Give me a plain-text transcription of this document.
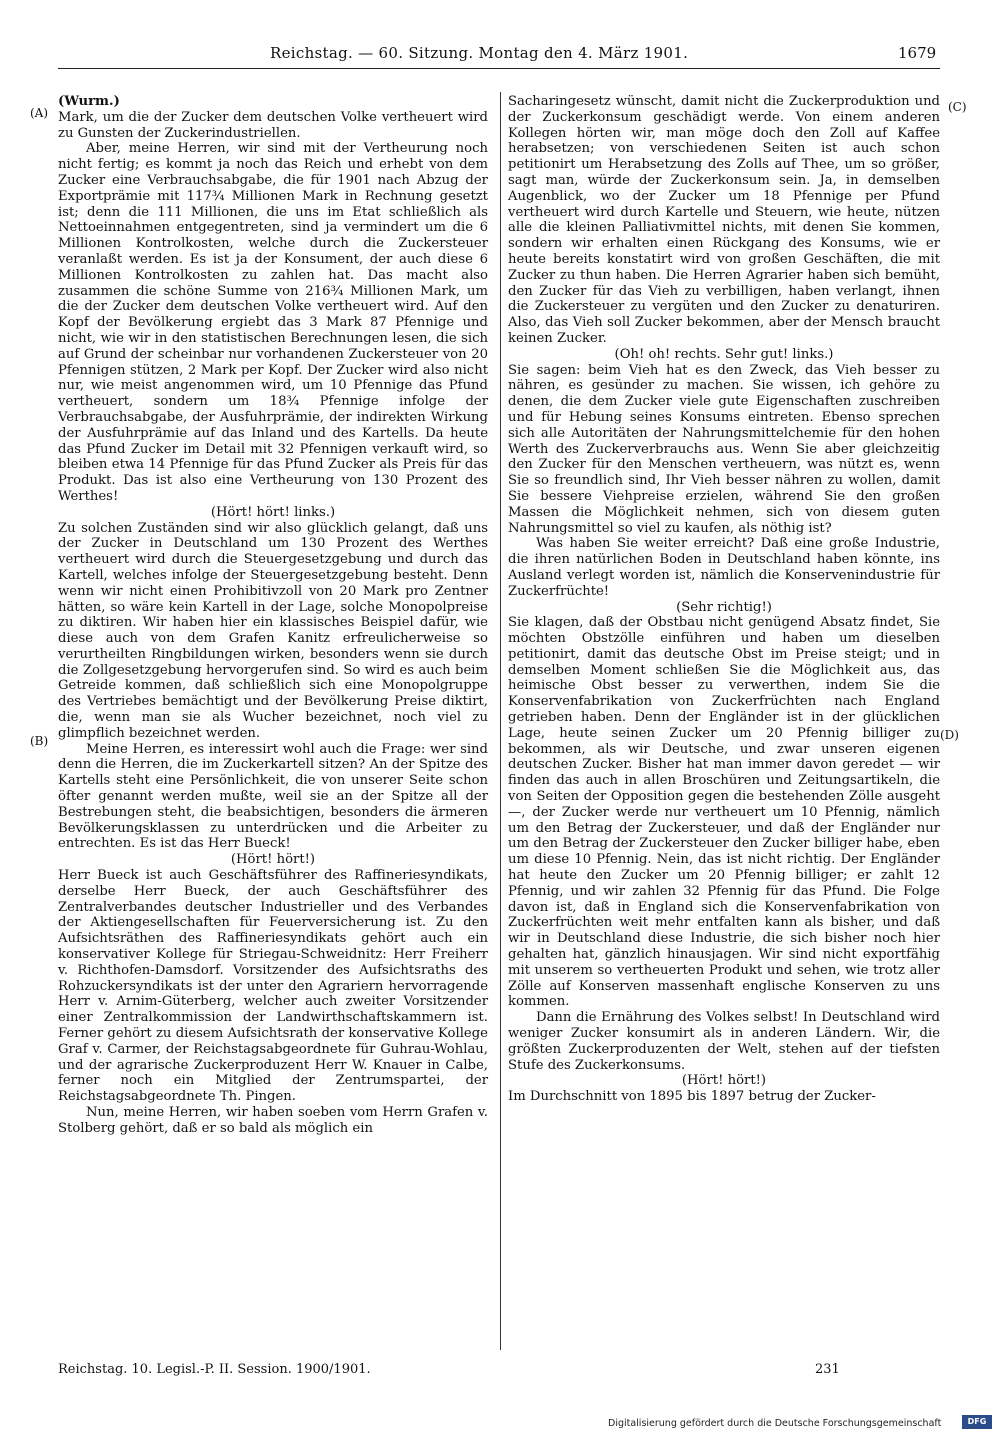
Reichstag. — 60. Sitzung. Montag den 4. März 1901.	1679
(A)
(B)
(C)
(D)

(Wurm.)

Mark, um die der Zucker dem deutschen Volke vertheuert wird zu Gunsten der Zuckerindustriellen.

Aber, meine Herren, wir sind mit der Vertheurung noch nicht fertig; es kommt ja noch das Reich und erhebt von dem Zucker eine Verbrauchsabgabe, die für 1901 nach Abzug der Exportprämie mit 117¾ Millionen Mark in Rechnung gesetzt ist; denn die 111 Millionen, die uns im Etat schließlich als Nettoeinnahmen entgegentreten, sind ja vermindert um die 6 Millionen Kontrolkosten, welche durch die Zuckersteuer veranlaßt werden. Es ist ja der Konsument, der auch diese 6 Millionen Kontrolkosten zu zahlen hat. Das macht also zusammen die schöne Summe von 216¾ Millionen Mark, um die der Zucker dem deutschen Volke vertheuert wird. Auf den Kopf der Bevölkerung ergiebt das 3 Mark 87 Pfennige und nicht, wie wir in den statistischen Berechnungen lesen, die sich auf Grund der scheinbar nur vorhandenen Zuckersteuer von 20 Pfennigen stützen, 2 Mark per Kopf. Der Zucker wird also nicht nur, wie meist angenommen wird, um 10 Pfennige das Pfund vertheuert, sondern um 18¾ Pfennige infolge der Verbrauchsabgabe, der Ausfuhrprämie, der indirekten Wirkung der Ausfuhrprämie auf das Inland und des Kartells. Da heute das Pfund Zucker im Detail mit 32 Pfennigen verkauft wird, so bleiben etwa 14 Pfennige für das Pfund Zucker als Preis für das Produkt. Das ist also eine Vertheurung von 130 Prozent des Werthes!

(Hört! hört! links.)

Zu solchen Zuständen sind wir also glücklich gelangt, daß uns der Zucker in Deutschland um 130 Prozent des Werthes vertheuert wird durch die Steuergesetzgebung und durch das Kartell, welches infolge der Steuergesetzgebung besteht. Denn wenn wir nicht einen Prohibitivzoll von 20 Mark pro Zentner hätten, so wäre kein Kartell in der Lage, solche Monopolpreise zu diktiren. Wir haben hier ein klassisches Beispiel dafür, wie diese auch von dem Grafen Kanitz erfreulicherweise so verurtheilten Ringbildungen wirken, besonders wenn sie durch die Zollgesetzgebung hervorgerufen sind. So wird es auch beim Getreide kommen, daß schließlich sich eine Monopolgruppe des Vertriebes bemächtigt und der Bevölkerung Preise diktirt, die, wenn man sie als Wucher bezeichnet, noch viel zu glimpflich bezeichnet werden.

Meine Herren, es interessirt wohl auch die Frage: wer sind denn die Herren, die im Zuckerkartell sitzen? An der Spitze des Kartells steht eine Persönlichkeit, die von unserer Seite schon öfter genannt werden mußte, weil sie an der Spitze all der Bestrebungen steht, die beabsichtigen, besonders die ärmeren Bevölkerungsklassen zu unterdrücken und die Arbeiter zu entrechten. Es ist das Herr Bueck!

(Hört! hört!)

Herr Bueck ist auch Geschäftsführer des Raffineriesyndikats, derselbe Herr Bueck, der auch Geschäftsführer des Zentralverbandes deutscher Industrieller und des Verbandes der Aktiengesellschaften für Feuerversicherung ist. Zu den Aufsichtsräthen des Raffineriesyndikats gehört auch ein konservativer Kollege für Striegau-Schweidnitz: Herr Freiherr v. Richthofen-Damsdorf. Vorsitzender des Aufsichtsraths des Rohzuckersyndikats ist der unter den Agrariern hervorragende Herr v. Arnim-Güterberg, welcher auch zweiter Vorsitzender einer Zentralkommission der Landwirthschaftskammern ist. Ferner gehört zu diesem Aufsichtsrath der konservative Kollege Graf v. Carmer, der Reichstagsabgeordnete für Guhrau-Wohlau, und der agrarische Zuckerproduzent Herr W. Knauer in Calbe, ferner noch ein Mitglied der Zentrumspartei, der Reichstagsabgeordnete Th. Pingen.

Nun, meine Herren, wir haben soeben vom Herrn Grafen v. Stolberg gehört, daß er so bald als möglich ein

Sacharingesetz wünscht, damit nicht die Zuckerproduktion und der Zuckerkonsum geschädigt werde. Von einem anderen Kollegen hörten wir, man möge doch den Zoll auf Kaffee herabsetzen; von verschiedenen Seiten ist auch schon petitionirt um Herabsetzung des Zolls auf Thee, um so größer, sagt man, würde der Zuckerkonsum sein. Ja, in demselben Augenblick, wo der Zucker um 18 Pfennige per Pfund vertheuert wird durch Kartelle und Steuern, wie heute, nützen alle die kleinen Palliativmittel nichts, mit denen Sie kommen, sondern wir erhalten einen Rückgang des Konsums, wie er heute bereits konstatirt wird von großen Geschäften, die mit Zucker zu thun haben. Die Herren Agrarier haben sich bemüht, den Zucker für das Vieh zu verbilligen, haben verlangt, ihnen die Zuckersteuer zu vergüten und den Zucker zu denaturiren. Also, das Vieh soll Zucker bekommen, aber der Mensch braucht keinen Zucker.

(Oh! oh! rechts. Sehr gut! links.)

Sie sagen: beim Vieh hat es den Zweck, das Vieh besser zu nähren, es gesünder zu machen. Sie wissen, ich gehöre zu denen, die dem Zucker viele gute Eigenschaften zuschreiben und für Hebung seines Konsums eintreten. Ebenso sprechen sich alle Autoritäten der Nahrungsmittelchemie für den hohen Werth des Zuckerverbrauchs aus. Wenn Sie aber gleichzeitig den Zucker für den Menschen vertheuern, was nützt es, wenn Sie so freundlich sind, Ihr Vieh besser nähren zu wollen, damit Sie bessere Viehpreise erzielen, während Sie den großen Massen die Möglichkeit nehmen, sich von diesem guten Nahrungsmittel so viel zu kaufen, als nöthig ist?

Was haben Sie weiter erreicht? Daß eine große Industrie, die ihren natürlichen Boden in Deutschland haben könnte, ins Ausland verlegt worden ist, nämlich die Konservenindustrie für Zuckerfrüchte!

(Sehr richtig!)

Sie klagen, daß der Obstbau nicht genügend Absatz findet, Sie möchten Obstzölle einführen und haben um dieselben petitionirt, damit das deutsche Obst im Preise steigt; und in demselben Moment schließen Sie die Möglichkeit aus, das heimische Obst besser zu verwerthen, indem Sie die Konservenfabrikation von Zuckerfrüchten nach England getrieben haben. Denn der Engländer ist in der glücklichen Lage, heute seinen Zucker um 20 Pfennig billiger zu bekommen, als wir Deutsche, und zwar unseren eigenen deutschen Zucker. Bisher hat man immer davon geredet — wir finden das auch in allen Broschüren und Zeitungsartikeln, die von Seiten der Opposition gegen die bestehenden Zölle ausgeht —, der Zucker werde nur vertheuert um 10 Pfennig, nämlich um den Betrag der Zuckersteuer, und daß der Engländer nur um den Betrag der Zuckersteuer den Zucker billiger habe, eben um diese 10 Pfennig. Nein, das ist nicht richtig. Der Engländer hat heute den Zucker um 20 Pfennig billiger; er zahlt 12 Pfennig, und wir zahlen 32 Pfennig für das Pfund. Die Folge davon ist, daß in England sich die Konservenfabrikation von Zuckerfrüchten weit mehr entfalten kann als bisher, und daß wir in Deutschland diese Industrie, die sich bisher noch hier gehalten hat, gänzlich hinausjagen. Wir sind nicht exportfähig mit unserem so vertheuerten Produkt und sehen, wie trotz aller Zölle auf Konserven massenhaft englische Konserven zu uns kommen.

Dann die Ernährung des Volkes selbst! In Deutschland wird weniger Zucker konsumirt als in anderen Ländern. Wir, die größten Zuckerproduzenten der Welt, stehen auf der tiefsten Stufe des Zuckerkonsums.

(Hört! hört!)

Im Durchschnitt von 1895 bis 1897 betrug der Zucker-

Reichstag. 10. Legisl.-P. II. Session. 1900/1901.	231
Digitalisierung gefördert durch die Deutsche Forschungsgemeinschaft	DFG
